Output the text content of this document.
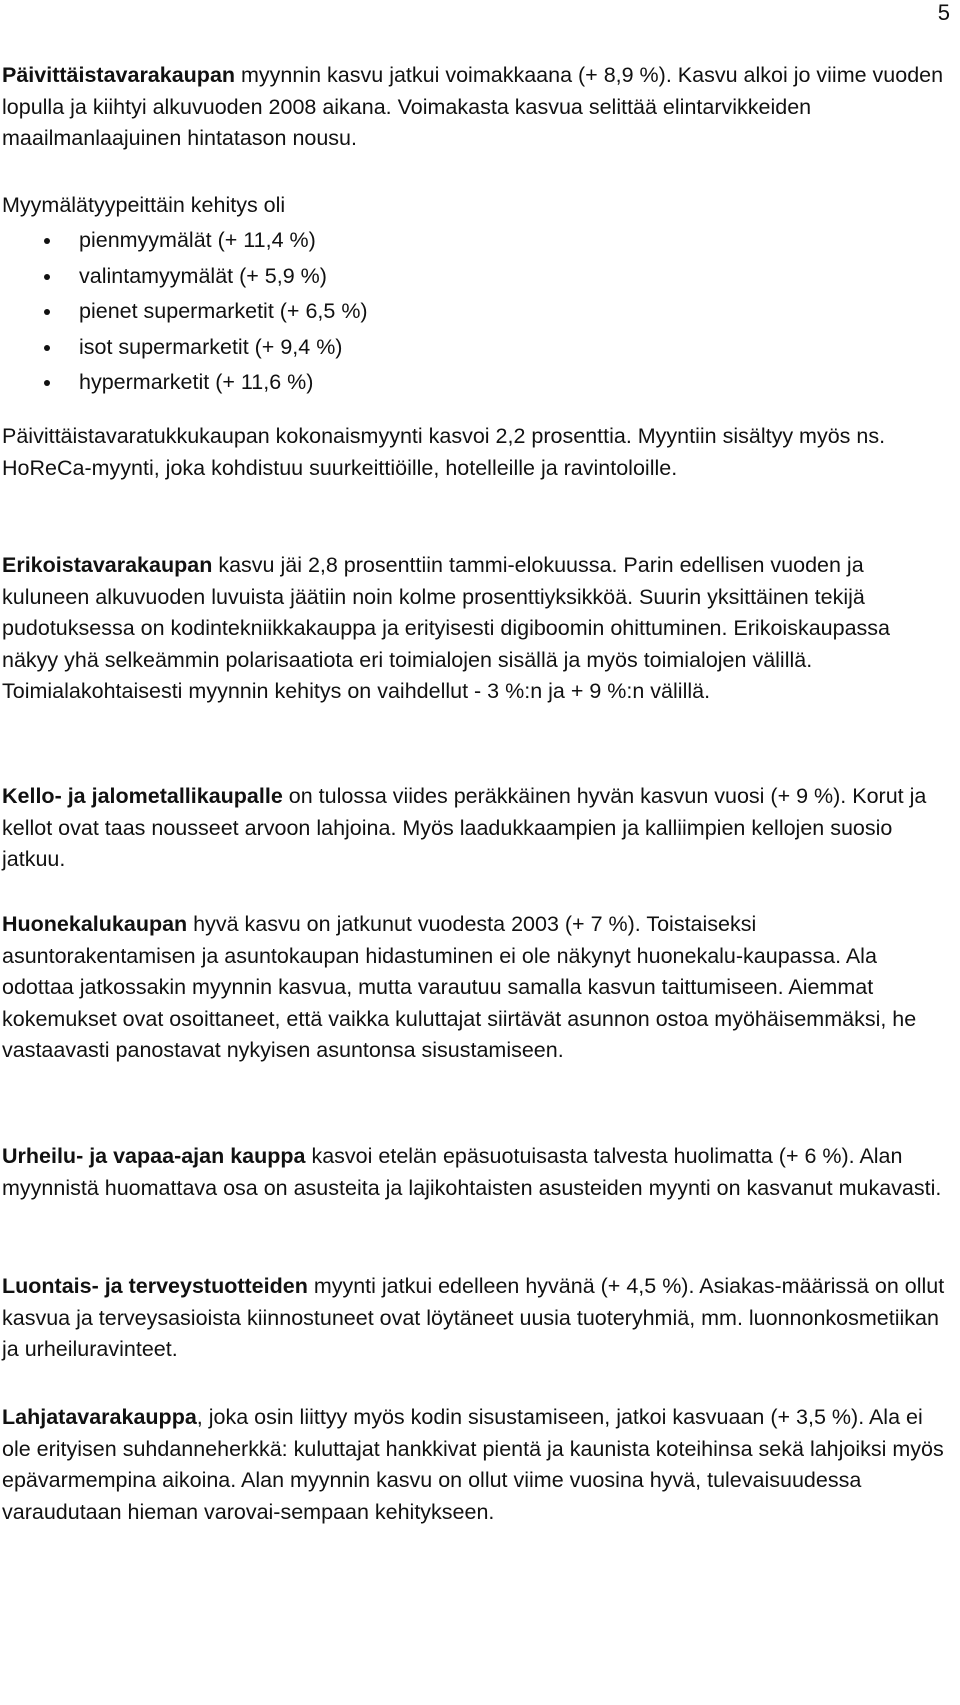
5

Päivittäistavarakaupan myynnin kasvu jatkui voimakkaana (+ 8,9 %). Kasvu alkoi jo viime vuoden lopulla ja kiihtyi alkuvuoden 2008 aikana. Voimakasta kasvua selittää elintarvikkeiden maailmanlaajuinen hintatason nousu.

Myymälätyypeittäin kehitys oli

pienmyymälät (+ 11,4 %)
valintamyymälät (+ 5,9 %)
pienet supermarketit (+ 6,5 %)
isot supermarketit (+ 9,4 %)
hypermarketit (+ 11,6 %)

Päivittäistavaratukkukaupan kokonaismyynti kasvoi 2,2 prosenttia. Myyntiin sisältyy myös ns. HoReCa-myynti, joka kohdistuu suurkeittiöille, hotelleille ja ravintoloille.

Erikoistavarakaupan kasvu jäi 2,8 prosenttiin tammi-elokuussa. Parin edellisen vuoden ja kuluneen alkuvuoden luvuista jäätiin noin kolme prosenttiyksikköä. Suurin yksittäinen tekijä pudotuksessa on kodintekniikkakauppa ja erityisesti digiboomin ohittuminen. Erikoiskaupassa näkyy yhä selkeämmin polarisaatiota eri toimialojen sisällä ja myös toimialojen välillä. Toimialakohtaisesti myynnin kehitys on vaihdellut - 3 %:n ja + 9 %:n välillä.

Kello- ja jalometallikaupalle on tulossa viides peräkkäinen hyvän kasvun vuosi (+ 9 %). Korut ja kellot ovat taas nousseet arvoon lahjoina. Myös laadukkaampien ja kalliimpien kellojen suosio jatkuu.

Huonekalukaupan hyvä kasvu on jatkunut vuodesta 2003 (+ 7 %). Toistaiseksi asuntorakentamisen ja asuntokaupan hidastuminen ei ole näkynyt huonekalu-kaupassa. Ala odottaa jatkossakin myynnin kasvua, mutta varautuu samalla kasvun taittumiseen. Aiemmat kokemukset ovat osoittaneet, että vaikka kuluttajat siirtävät asunnon ostoa myöhäisemmäksi, he vastaavasti panostavat nykyisen asuntonsa sisustamiseen.

Urheilu- ja vapaa-ajan kauppa kasvoi etelän epäsuotuisasta talvesta huolimatta (+ 6 %). Alan myynnistä huomattava osa on asusteita ja lajikohtaisten asusteiden myynti on kasvanut mukavasti.

Luontais- ja terveystuotteiden myynti jatkui edelleen hyvänä (+ 4,5 %). Asiakas-määrissä on ollut kasvua ja terveysasioista kiinnostuneet ovat löytäneet uusia tuoteryhmiä, mm. luonnonkosmetiikan ja urheiluravinteet.

Lahjatavarakauppa, joka osin liittyy myös kodin sisustamiseen, jatkoi kasvuaan (+ 3,5 %). Ala ei ole erityisen suhdanneherkkä: kuluttajat hankkivat pientä ja kaunista koteihinsa sekä lahjoiksi myös epävarmempina aikoina. Alan myynnin kasvu on ollut viime vuosina hyvä, tulevaisuudessa varaudutaan hieman varovai-sempaan kehitykseen.
